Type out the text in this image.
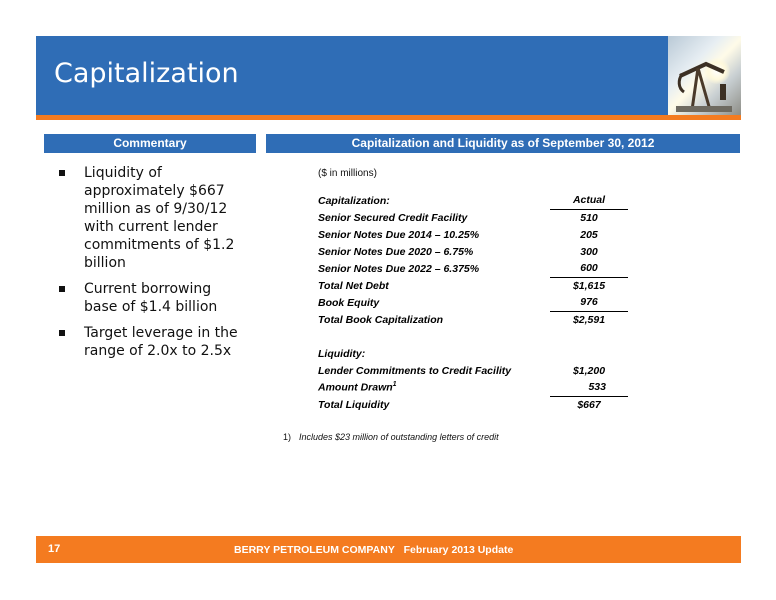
Capitalization
Commentary	Capitalization and Liquidity as of September 30, 2012
Liquidity of approximately $667 million as of 9/30/12 with current lender commitments of $1.2 billion
Current borrowing base of $1.4 billion
Target leverage in the range of 2.0x to 2.5x
($ in millions)
Capitalization:	Actual
Senior Secured Credit Facility	510
Senior Notes Due 2014 – 10.25%	205
Senior Notes Due 2020 – 6.75%	300
Senior Notes Due 2022 – 6.375%	600
Total Net Debt	$1,615
Book Equity	976
Total Book Capitalization	$2,591

Liquidity:	
Lender Commitments to Credit Facility	$1,200
Amount Drawn$^1$	533
Total Liquidity	$667
1) Includes $23 million of outstanding letters of credit
17	BERRY PETROLEUM COMPANY February 2013 Update
